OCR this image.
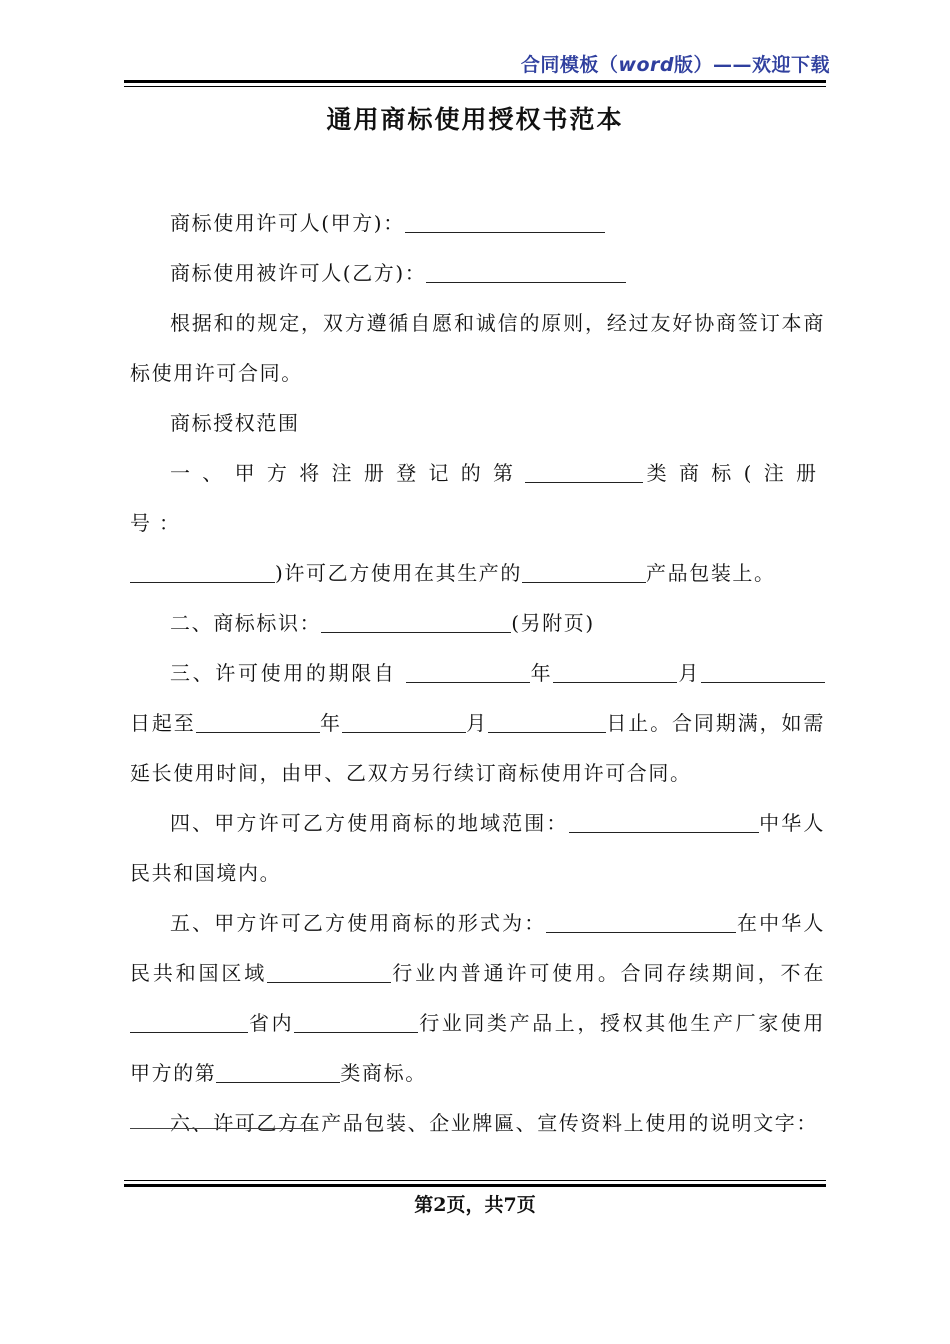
合同模板（word版）——欢迎下载
通用商标使用授权书范本

商标使用许可人(甲方)：

商标使用被许可人(乙方)：

根据和的规定，双方遵循自愿和诚信的原则，经过友好协商签订本商标使用许可合同。

商标授权范围

一、甲方将注册登记的第	类商标(注册号：

)许可乙方使用在其生产的	产品包装上。

二、商标标识：	(另附页)

三、许可使用的期限自	年	月日起至	年	月	日止。合同期满，如需延长使用时间，由甲、乙双方另行续订商标使用许可合同。

四、甲方许可乙方使用商标的地域范围：	中华人民共和国境内。

五、甲方许可乙方使用商标的形式为：	在中华人民共和国区域	行业内普通许可使用。合同存续期间，不在省内	行业同类产品上，授权其他生产厂家使用甲方的第	类商标。

六、许可乙方在产品包装、企业牌匾、宣传资料上使用的说明文字：

第2页，共7页
